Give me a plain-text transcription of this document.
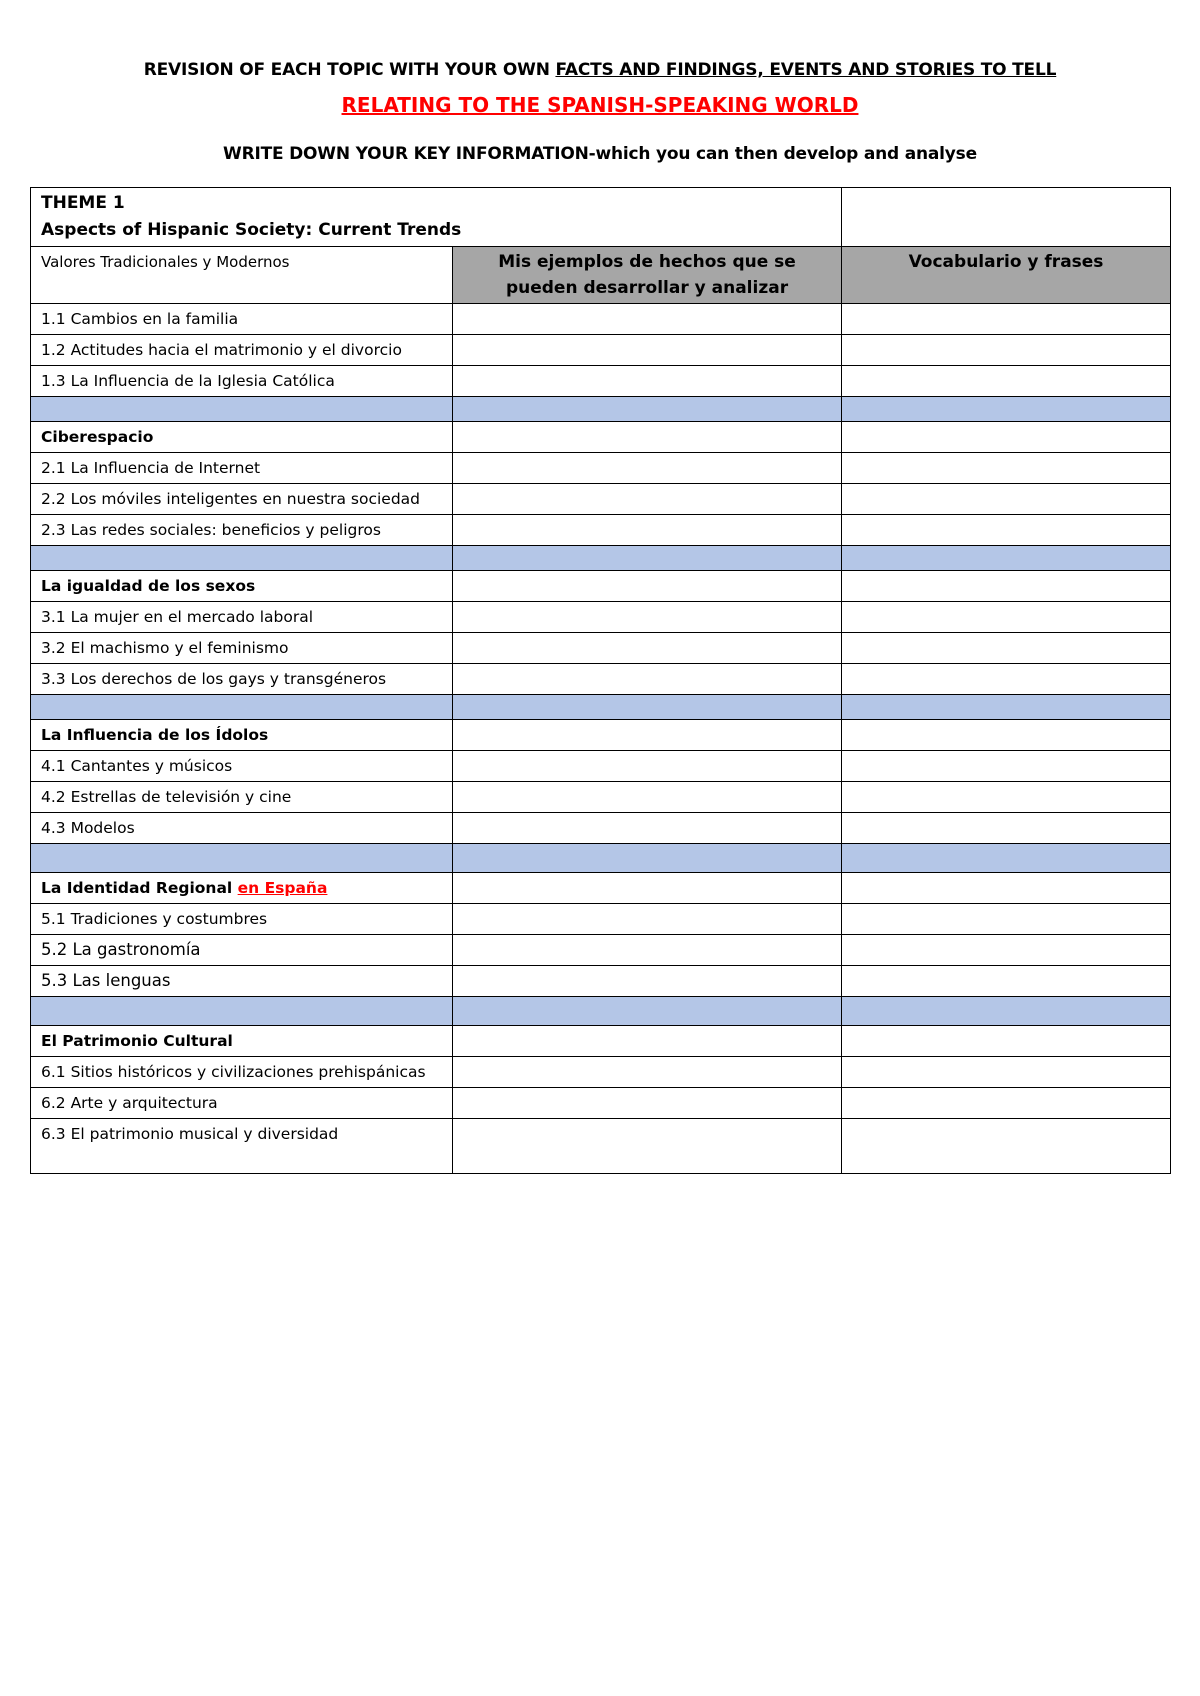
REVISION OF EACH TOPIC WITH YOUR OWN FACTS AND FINDINGS, EVENTS AND STORIES TO TELL
RELATING TO THE SPANISH-SPEAKING WORLD
WRITE DOWN YOUR KEY INFORMATION-which you can then develop and analyse
THEME 1
Aspects of Hispanic Society: Current Trends		

Valores Tradicionales y Modernos	Mis ejemplos de hechos que se pueden desarrollar y analizar	Vocabulario y frases
1.1 Cambios en la familia		
1.2 Actitudes hacia el matrimonio y el divorcio		
1.3 La Influencia de la Iglesia Católica		

Ciberespacio		
2.1 La Influencia de Internet		
2.2 Los móviles inteligentes en nuestra sociedad		
2.3 Las redes sociales: beneficios y peligros		

La igualdad de los sexos		
3.1 La mujer en el mercado laboral		
3.2 El machismo y el feminismo		
3.3 Los derechos de los gays y transgéneros		

La Influencia de los Ídolos		
4.1 Cantantes y músicos		
4.2 Estrellas de televisión y cine		
4.3 Modelos		

La Identidad Regional en España		
5.1 Tradiciones y costumbres		
5.2 La gastronomía		
5.3 Las lenguas		

El Patrimonio Cultural		
6.1 Sitios históricos y civilizaciones prehispánicas		
6.2 Arte y arquitectura		
6.3 El patrimonio musical y diversidad		
